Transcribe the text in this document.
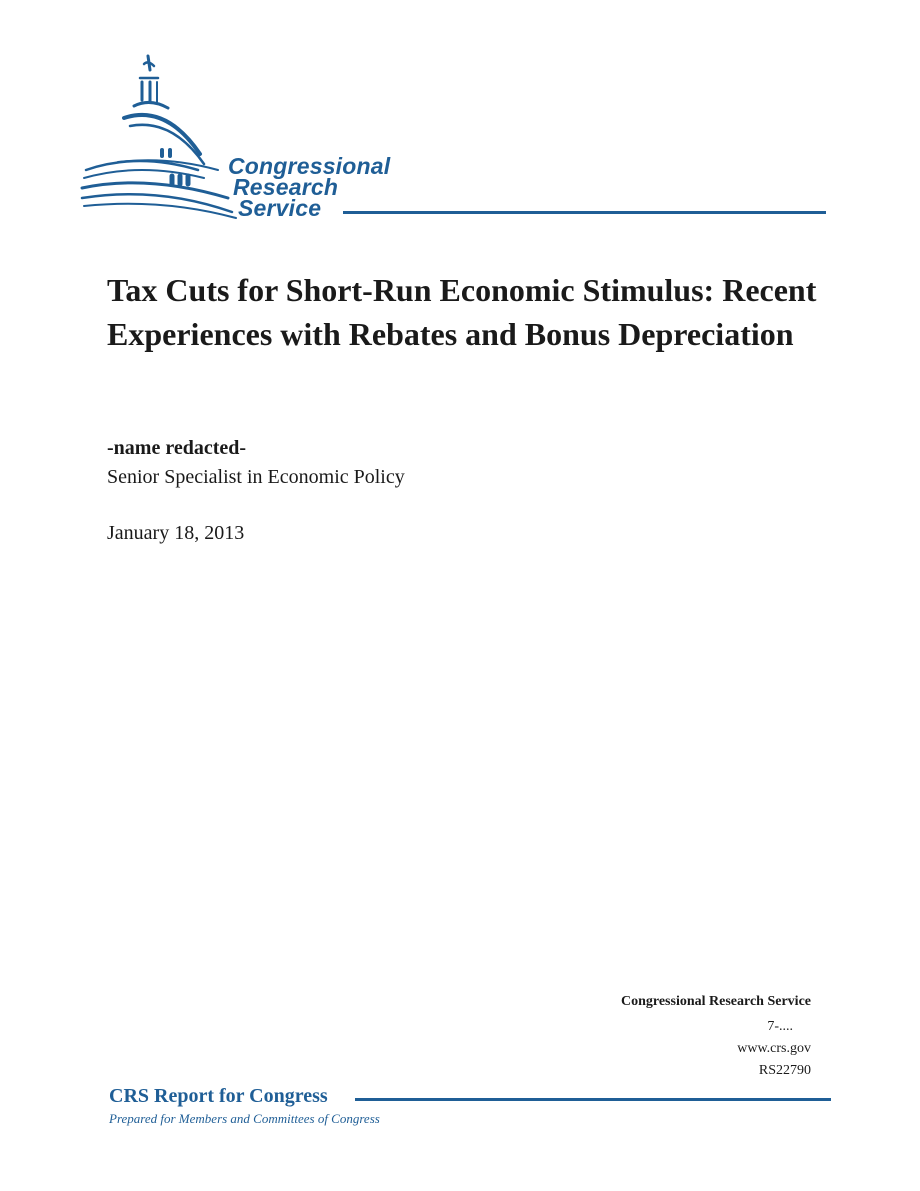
Congressional
Research
Service
Tax Cuts for Short-Run Economic Stimulus: Recent Experiences with Rebates and Bonus Depreciation
-name redacted-
Senior Specialist in Economic Policy
January 18, 2013
Congressional Research Service
7-....
www.crs.gov
RS22790
CRS Report for Congress
Prepared for Members and Committees of Congress
